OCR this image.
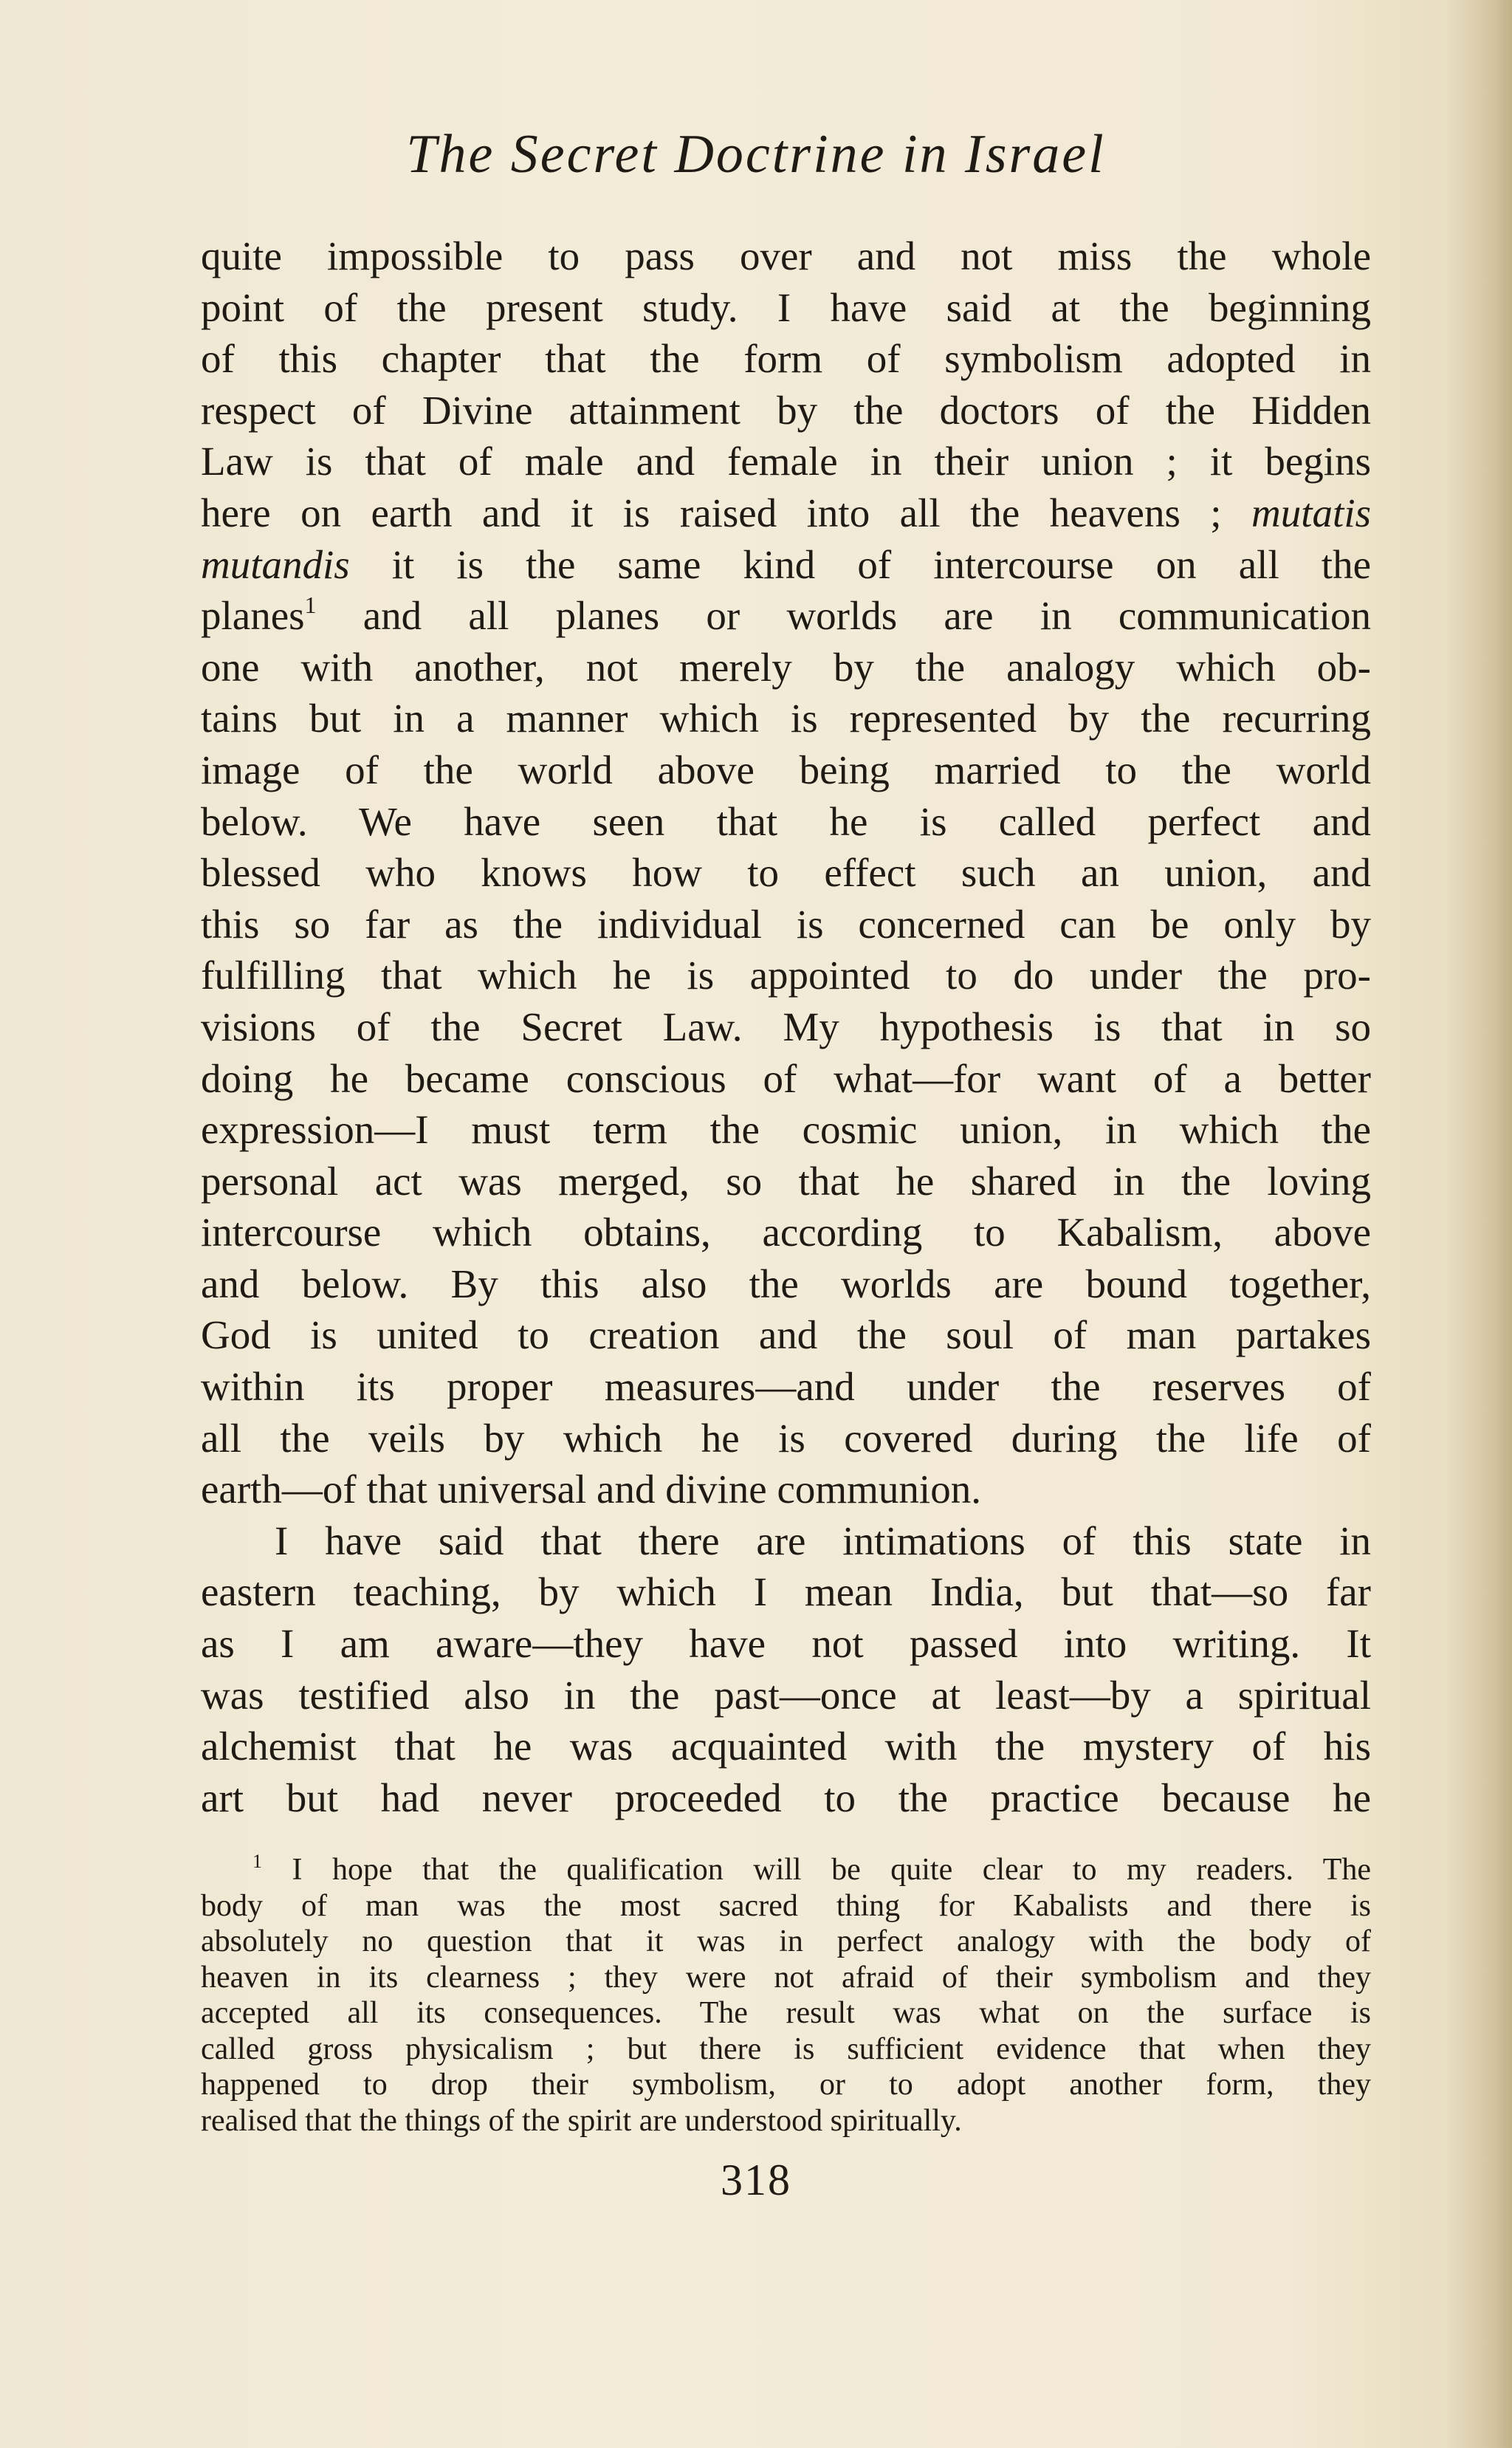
The Secret Doctrine in Israel
quite impossible to pass over and not miss the whole
point of the present study. I have said at the beginning
of this chapter that the form of symbolism adopted in
respect of Divine attainment by the doctors of the Hidden
Law is that of male and female in their union ; it begins
here on earth and it is raised into all the heavens ; mutatis
mutandis it is the same kind of intercourse on all the
planes$^1$ and all planes or worlds are in communication
one with another, not merely by the analogy which ob-
tains but in a manner which is represented by the recurring
image of the world above being married to the world
below. We have seen that he is called perfect and
blessed who knows how to effect such an union, and
this so far as the individual is concerned can be only by
fulfilling that which he is appointed to do under the pro-
visions of the Secret Law. My hypothesis is that in so
doing he became conscious of what—for want of a better
expression—I must term the cosmic union, in which the
personal act was merged, so that he shared in the loving
intercourse which obtains, according to Kabalism, above
and below. By this also the worlds are bound together,
God is united to creation and the soul of man partakes
within its proper measures—and under the reserves of
all the veils by which he is covered during the life of
earth—of that universal and divine communion.
I have said that there are intimations of this state in
eastern teaching, by which I mean India, but that—so far
as I am aware—they have not passed into writing. It
was testified also in the past—once at least—by a spiritual
alchemist that he was acquainted with the mystery of his
art but had never proceeded to the practice because he
$^1$ I hope that the qualification will be quite clear to my readers. The
body of man was the most sacred thing for Kabalists and there is
absolutely no question that it was in perfect analogy with the body of
heaven in its clearness ; they were not afraid of their symbolism and they
accepted all its consequences. The result was what on the surface is
called gross physicalism ; but there is sufficient evidence that when they
happened to drop their symbolism, or to adopt another form, they
realised that the things of the spirit are understood spiritually.
318
